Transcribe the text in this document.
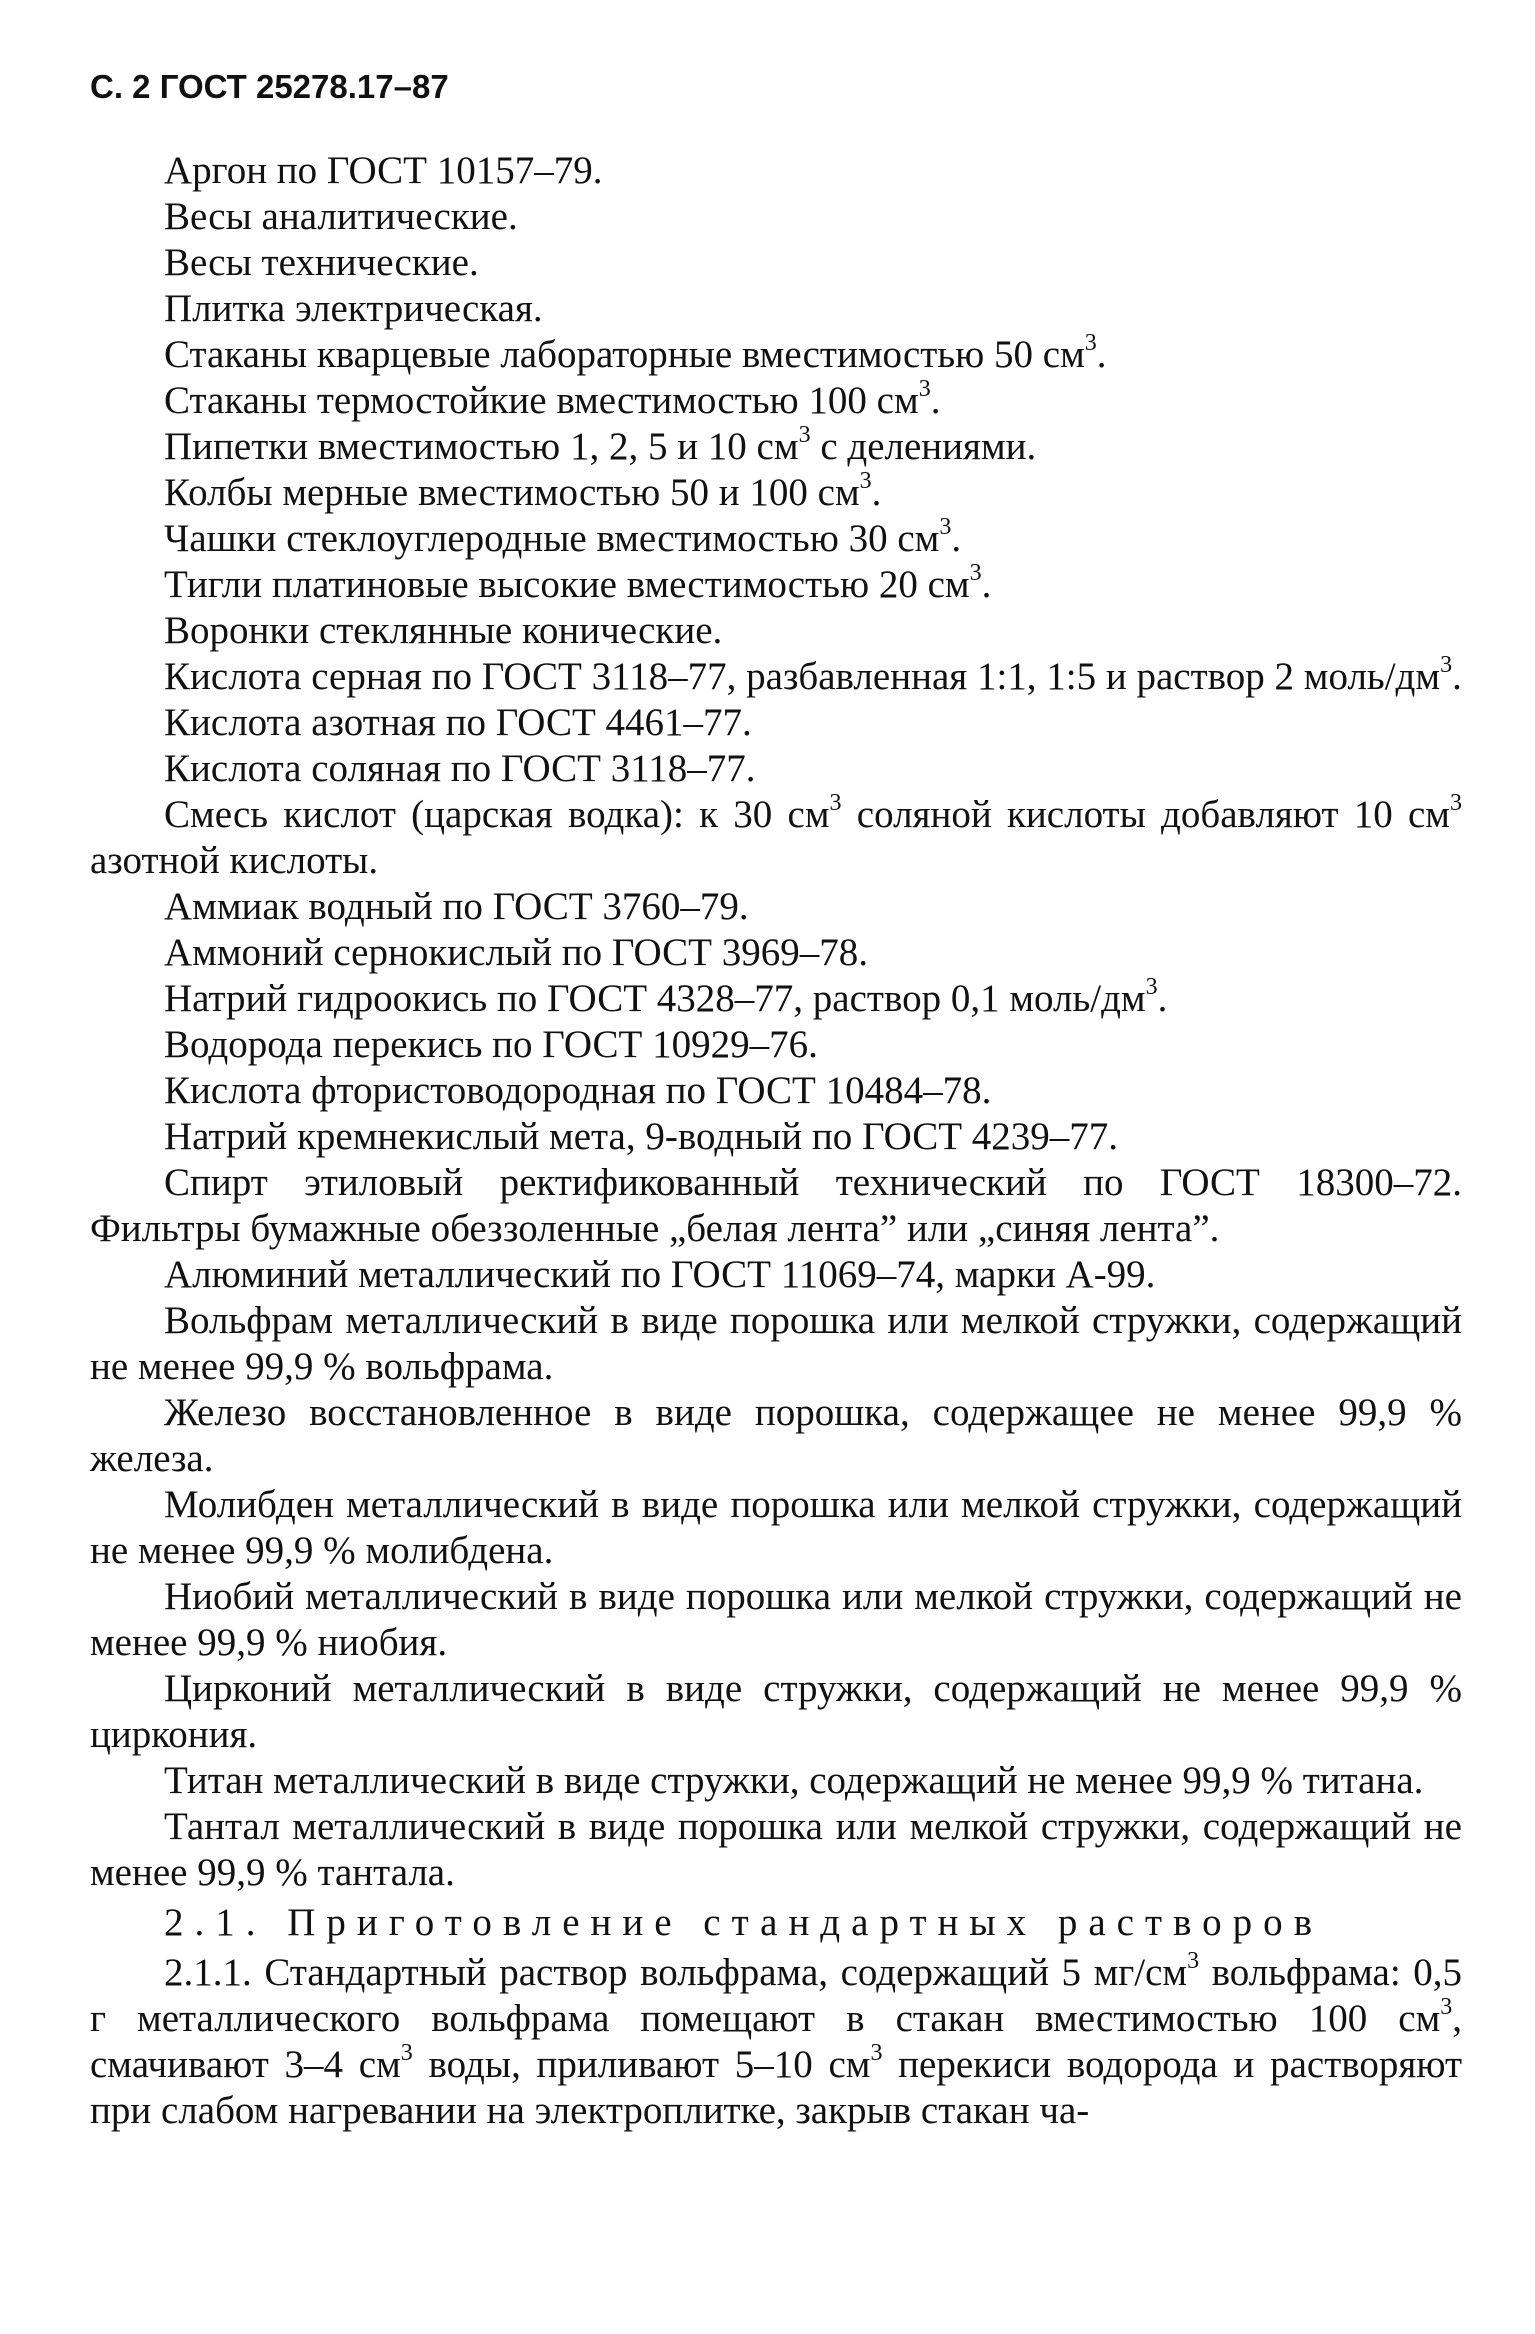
С. 2 ГОСТ 25278.17–87
Аргон по ГОСТ 10157–79.
Весы аналитические.
Весы технические.
Плитка электрическая.
Стаканы кварцевые лабораторные вместимостью 50 $см^3$.
Стаканы термостойкие вместимостью 100 $см^3$.
Пипетки вместимостью 1, 2, 5 и 10 $см^3$ с делениями.
Колбы мерные вместимостью 50 и 100 $см^3$.
Чашки стеклоуглеродные вместимостью 30 $см^3$.
Тигли платиновые высокие вместимостью 20 $см^3$.
Воронки стеклянные конические.
Кислота серная по ГОСТ 3118–77, разбавленная 1:1, 1:5 и раствор 2 моль/$дм^3$.
Кислота азотная по ГОСТ 4461–77.
Кислота соляная по ГОСТ 3118–77.
Смесь кислот (царская водка): к 30 $см^3$ соляной кислоты добавляют 10 $см^3$ азотной кислоты.
Аммиак водный по ГОСТ 3760–79.
Аммоний сернокислый по ГОСТ 3969–78.
Натрий гидроокись по ГОСТ 4328–77, раствор 0,1 моль/$дм^3$.
Водорода перекись по ГОСТ 10929–76.
Кислота фтористоводородная по ГОСТ 10484–78.
Натрий кремнекислый мета, 9-водный по ГОСТ 4239–77.
Спирт этиловый ректификованный технический по ГОСТ 18300–72.
Фильтры бумажные обеззоленные „белая лента” или „синяя лента”.
Алюминий металлический по ГОСТ 11069–74, марки А-99.
Вольфрам металлический в виде порошка или мелкой стружки, содержащий не менее 99,9 % вольфрама.
Железо восстановленное в виде порошка, содержащее не менее 99,9 % железа.
Молибден металлический в виде порошка или мелкой стружки, содержащий не менее 99,9 % молибдена.
Ниобий металлический в виде порошка или мелкой стружки, содержащий не менее 99,9 % ниобия.
Цирконий металлический в виде стружки, содержащий не менее 99,9 % циркония.
Титан металлический в виде стружки, содержащий не менее 99,9 % титана.
Тантал металлический в виде порошка или мелкой стружки, содержащий не менее 99,9 % тантала.
2.1. Приготовление стандартных растворов
2.1.1. Стандартный раствор вольфрама, содержащий 5 $мг/см^3$ вольфрама: 0,5 г металлического вольфрама помещают в стакан вместимостью 100 $см^3$, смачивают 3–4 $см^3$ воды, приливают 5–10 $см^3$ перекиси водорода и растворяют при слабом нагревании на электроплитке, закрыв стакан ча-
